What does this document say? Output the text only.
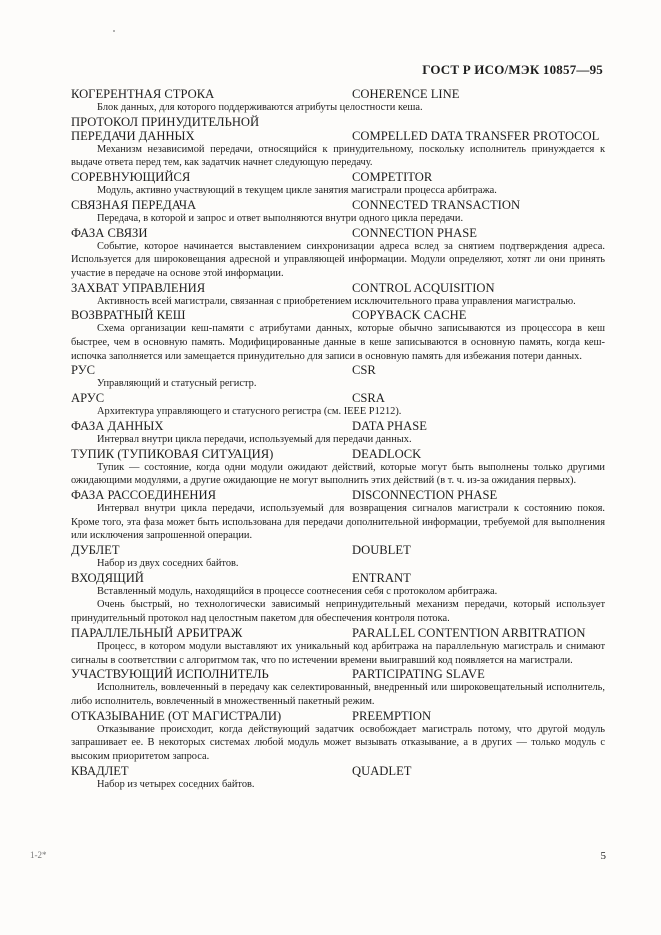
ГОСТ Р ИСО/МЭК 10857—95
КОГЕРЕНТНАЯ СТРОКА	COHERENCE LINE

Блок данных, для которого поддерживаются атрибуты целостности кеша.

ПРОТОКОЛ ПРИНУДИТЕЛЬНОЙ
ПЕРЕДАЧИ ДАННЫХ	COMPELLED DATA TRANSFER PROTOCOL

Механизм независимой передачи, относящийся к принудительному, поскольку исполнитель принуждается к выдаче ответа перед тем, как задатчик начнет следующую передачу.

СОРЕВНУЮЩИЙСЯ	COMPETITOR

Модуль, активно участвующий в текущем цикле занятия магистрали процесса арбитража.

СВЯЗНАЯ ПЕРЕДАЧА	CONNECTED TRANSACTION

Передача, в которой и запрос и ответ выполняются внутри одного цикла передачи.

ФАЗА СВЯЗИ	CONNECTION PHASE

Событие, которое начинается выставлением синхронизации адреса вслед за снятием подтверждения адреса. Используется для широковещания адресной и управляющей информации. Модули определяют, хотят ли они принять участие в передаче на основе этой информации.

ЗАХВАТ УПРАВЛЕНИЯ	CONTROL ACQUISITION

Активность всей магистрали, связанная с приобретением исключительного права управления магистралью.

ВОЗВРАТНЫЙ КЕШ	COPYBACK CACHE

Схема организации кеш-памяти с атрибутами данных, которые обычно записываются из процессора в кеш быстрее, чем в основную память. Модифицированные данные в кеше записываются в основную память, когда кеш-испочка заполняется или замещается принудительно для записи в основную память для избежания потери данных.

РУС	CSR

Управляющий и статусный регистр.

АРУС	CSRA

Архитектура управляющего и статусного регистра (см. IEEE P1212).

ФАЗА ДАННЫХ	DATA PHASE

Интервал внутри цикла передачи, используемый для передачи данных.

ТУПИК (ТУПИКОВАЯ СИТУАЦИЯ)	DEADLOCK

Тупик — состояние, когда одни модули ожидают действий, которые могут быть выполнены только другими ожидающими модулями, а другие ожидающие не могут выполнить этих действий (в т. ч. из-за ожидания первых).

ФАЗА РАССОЕДИНЕНИЯ	DISCONNECTION PHASE

Интервал внутри цикла передачи, используемый для возвращения сигналов магистрали к состоянию покоя. Кроме того, эта фаза может быть использована для передачи дополнительной информации, требуемой для выполнения или исключения запрошенной операции.

ДУБЛЕТ	DOUBLET

Набор из двух соседних байтов.

ВХОДЯЩИЙ	ENTRANT

Вставленный модуль, находящийся в процессе соотнесения себя с протоколом арбитража.

Очень быстрый, но технологически зависимый непринудительный механизм передачи, который использует принудительный протокол над целостным пакетом для обеспечения контроля потока.

ПАРАЛЛЕЛЬНЫЙ АРБИТРАЖ	PARALLEL CONTENTION ARBITRATION

Процесс, в котором модули выставляют их уникальный код арбитража на параллельную магистраль и снимают сигналы в соответствии с алгоритмом так, что по истечении времени выигравший код появляется на магистрали.

УЧАСТВУЮЩИЙ ИСПОЛНИТЕЛЬ	PARTICIPATING SLAVE

Исполнитель, вовлеченный в передачу как селектированный, внедренный или широковещательный исполнитель, либо исполнитель, вовлеченный в множественный пакетный режим.

ОТКАЗЫВАНИЕ (ОТ МАГИСТРАЛИ)	PREEMPTION

Отказывание происходит, когда действующий задатчик освобождает магистраль потому, что другой модуль запрашивает ее. В некоторых системах любой модуль может вызывать отказывание, а в других — только модуль с высоким приоритетом запроса.

КВАДЛЕТ	QUADLET

Набор из четырех соседних байтов.

1-2*	5
